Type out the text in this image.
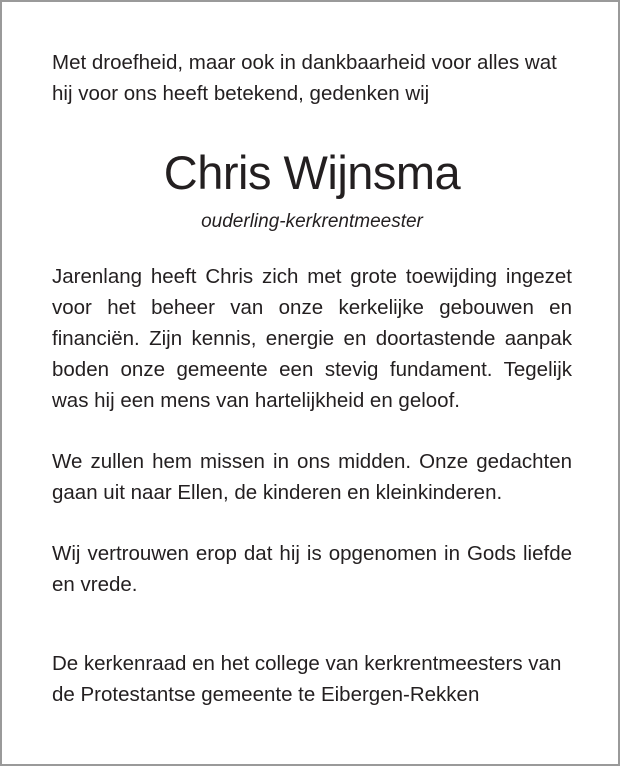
Met droefheid, maar ook in dankbaarheid voor alles wat hij voor ons heeft betekend, gedenken wij

Chris Wijnsma

ouderling-kerkrentmeester

Jarenlang heeft Chris zich met grote toewijding ingezet voor het beheer van onze kerkelijke gebouwen en financiën. Zijn kennis, energie en doortastende aanpak boden onze gemeente een stevig fundament. Tegelijk was hij een mens van hartelijkheid en geloof.

We zullen hem missen in ons midden. Onze gedachten gaan uit naar Ellen, de kinderen en kleinkinderen.

Wij vertrouwen erop dat hij is opgenomen in Gods liefde en vrede.

De kerkenraad en het college van kerkrentmeesters van de Protestantse gemeente te Eibergen-Rekken
